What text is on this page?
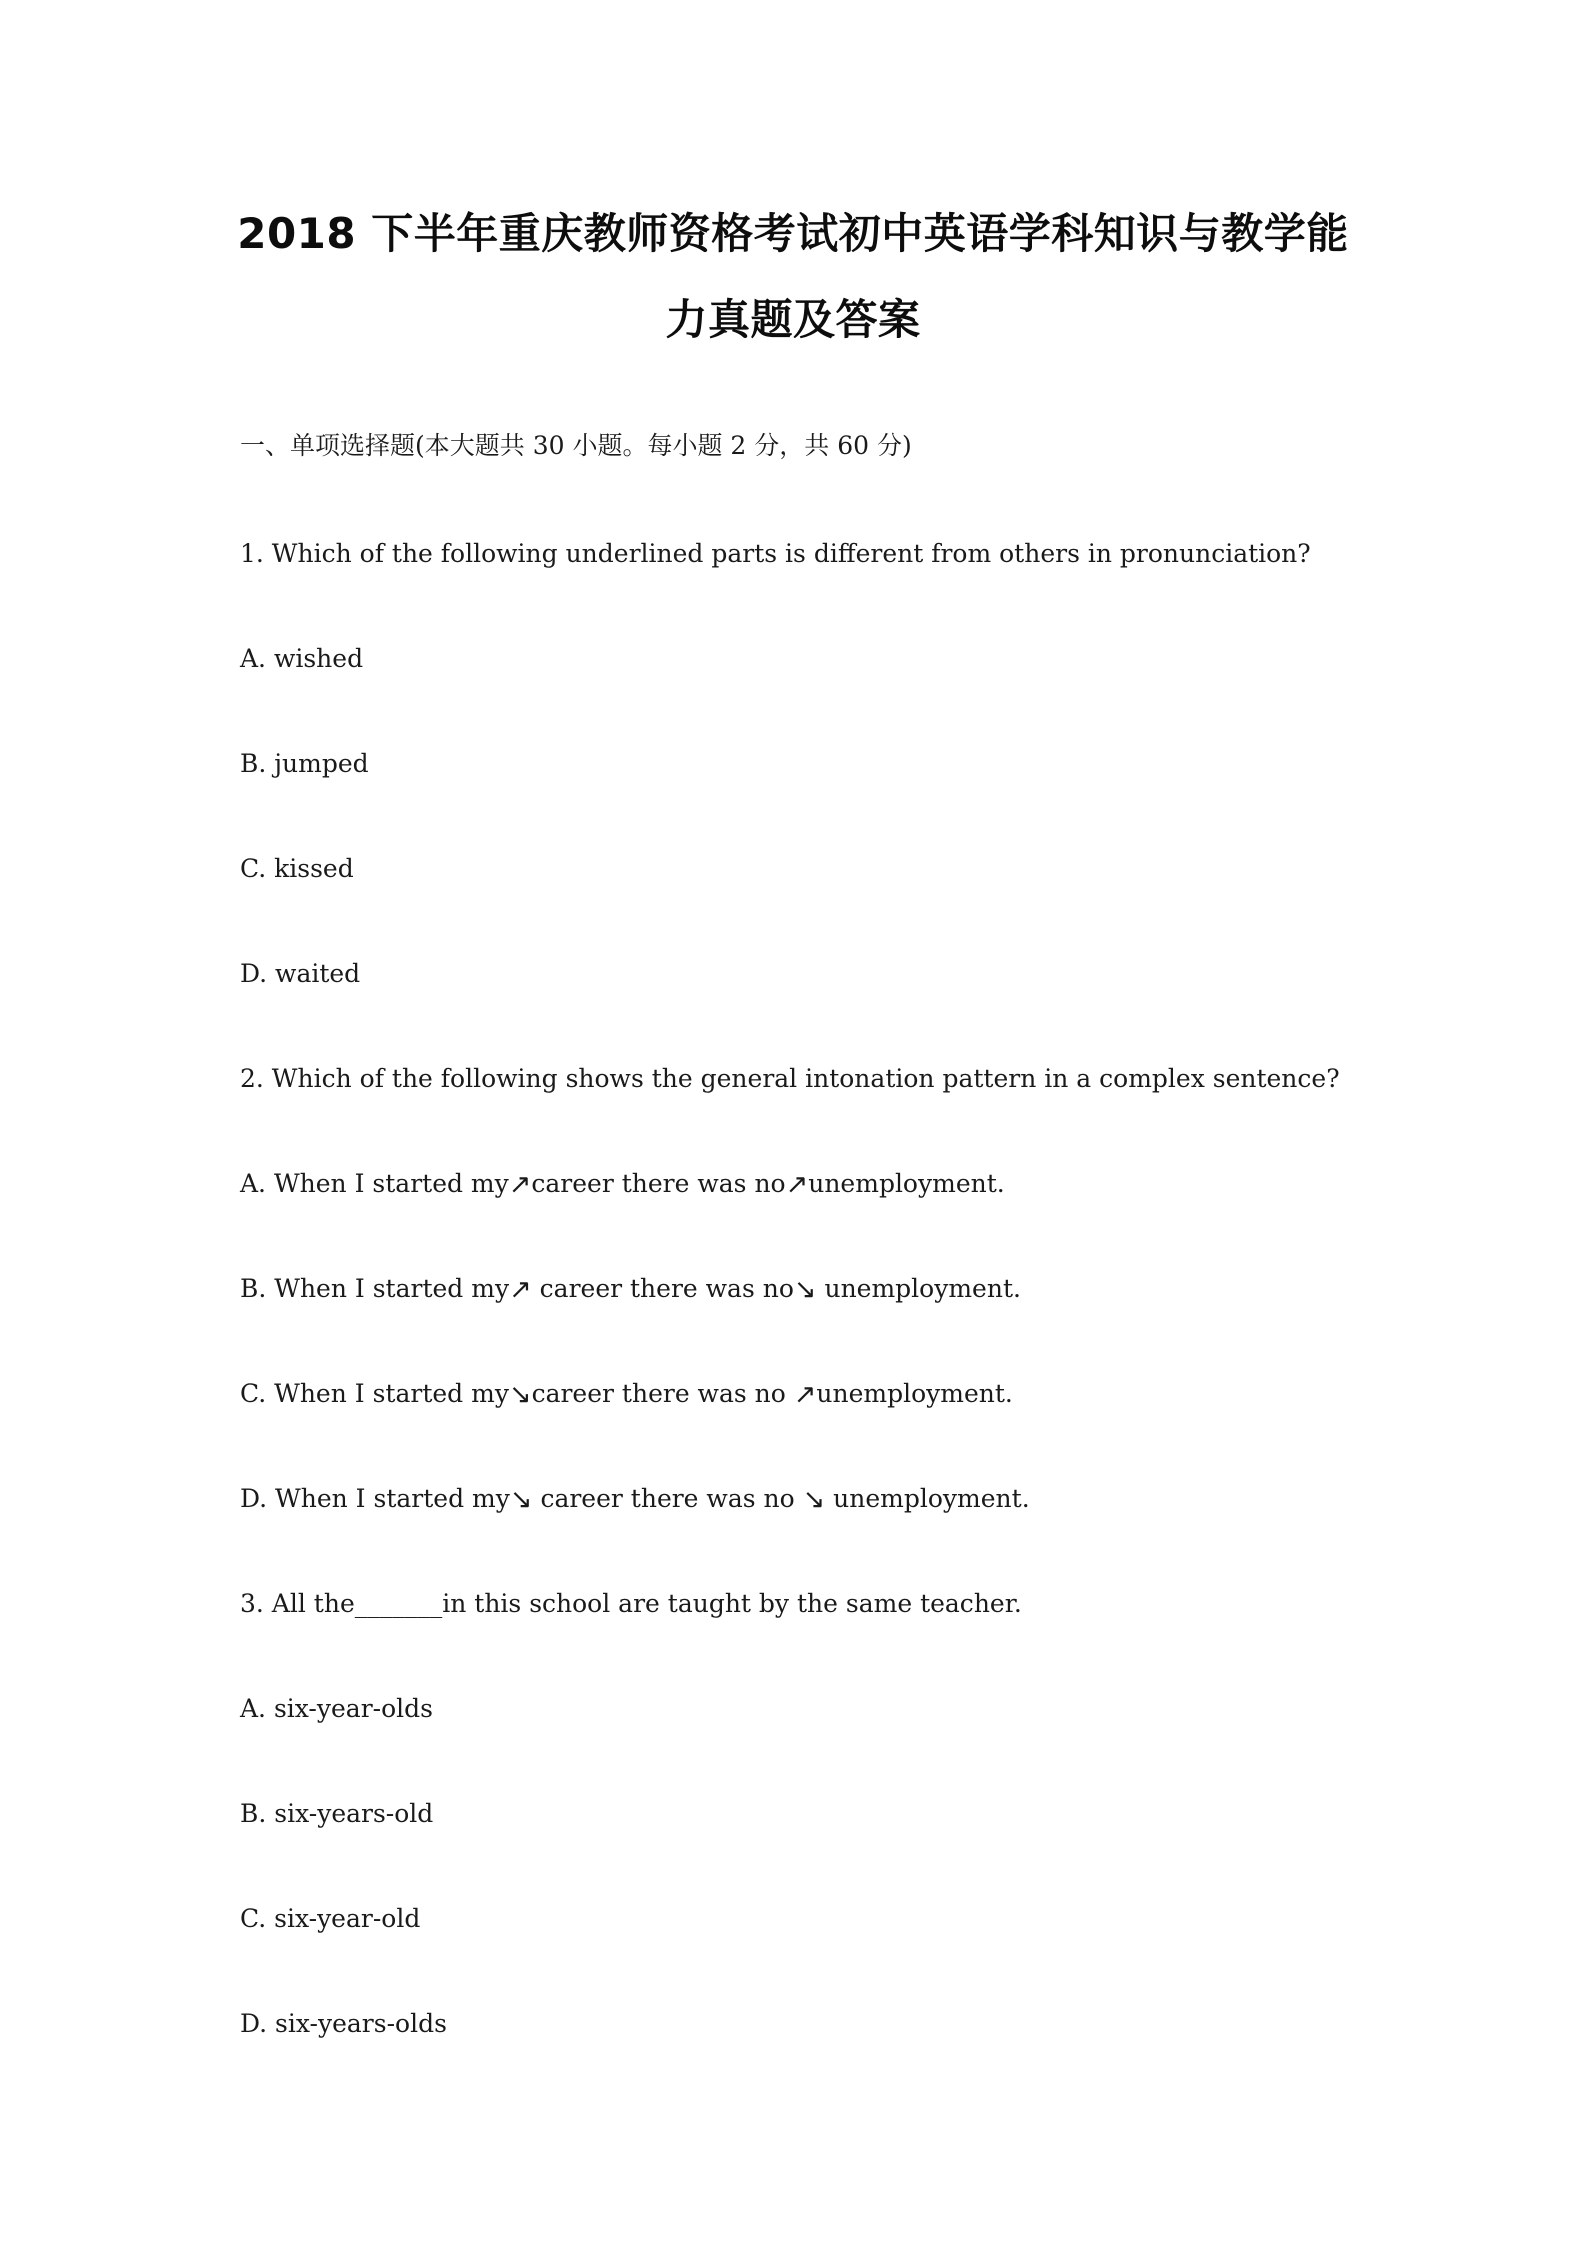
2018 下半年重庆教师资格考试初中英语学科知识与教学能
力真题及答案
一、单项选择题(本大题共 30 小题。每小题 2 分，共 60 分)
1. Which of the following underlined parts is different from others in pronunciation?
A. wished
B. jumped
C. kissed
D. waited
2. Which of the following shows the general intonation pattern in a complex sentence?
A. When I started my↗career there was no↗unemployment.
B. When I started my↗ career there was no↘ unemployment.
C. When I started my↘career there was no ↗unemployment.
D. When I started my↘ career there was no ↘ unemployment.
3. All the_______in this school are taught by the same teacher.
A. six-year-olds
B. six-years-old
C. six-year-old
D. six-years-olds
